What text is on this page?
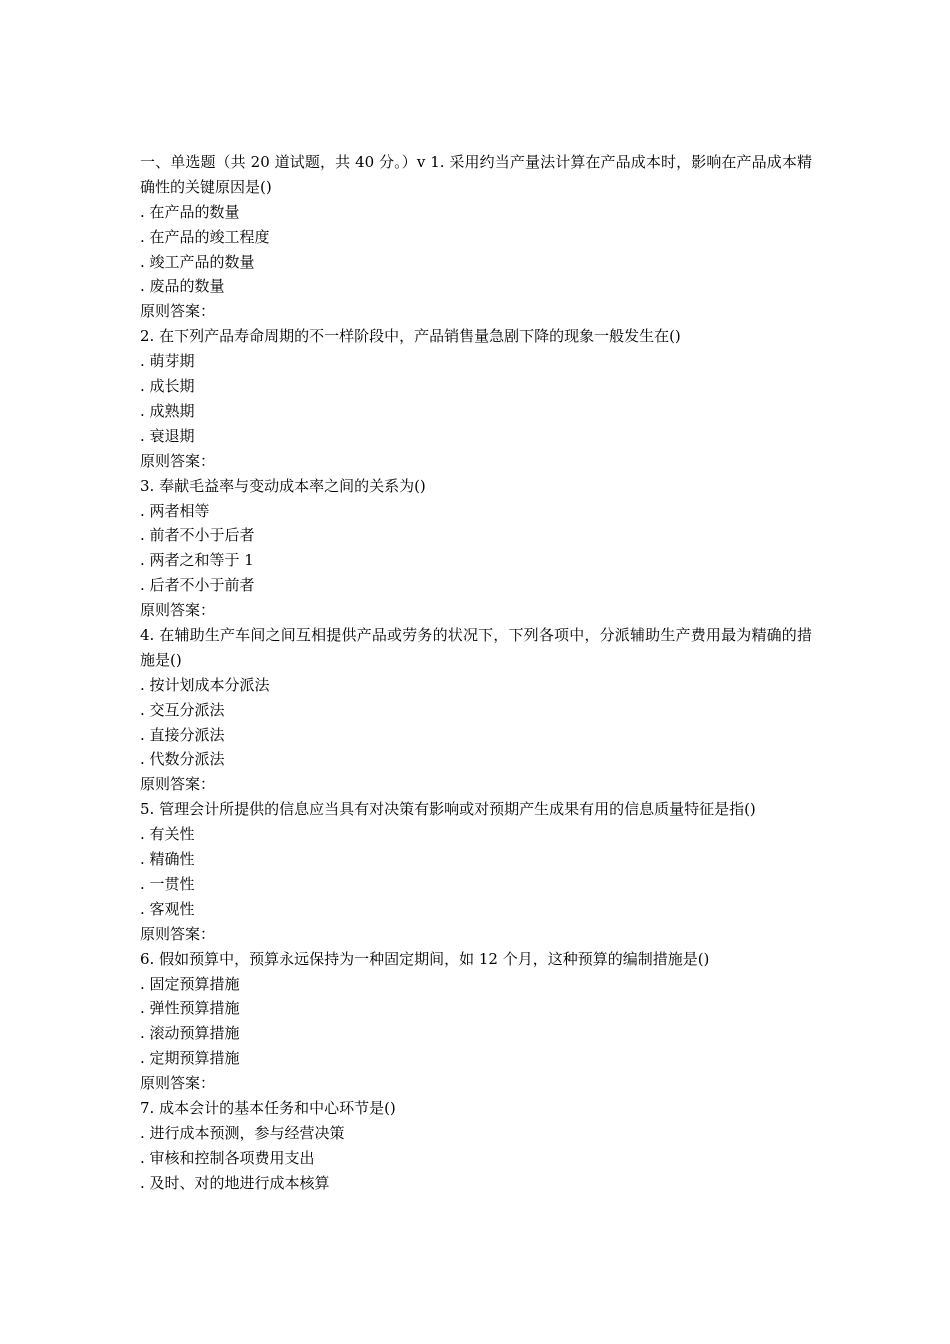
一、单选题（共 20 道试题，共 40 分。）v 1. 采用约当产量法计算在产品成本时，影响在产品成本精确性的关键原因是()
. 在产品的数量
. 在产品的竣工程度
. 竣工产品的数量
. 废品的数量
原则答案：
2. 在下列产品寿命周期的不一样阶段中，产品销售量急剧下降的现象一般发生在()
. 萌芽期
. 成长期
. 成熟期
. 衰退期
原则答案：
3. 奉献毛益率与变动成本率之间的关系为()
. 两者相等
. 前者不小于后者
. 两者之和等于 1
. 后者不小于前者
原则答案：
4. 在辅助生产车间之间互相提供产品或劳务的状况下，下列各项中，分派辅助生产费用最为精确的措施是()
. 按计划成本分派法
. 交互分派法
. 直接分派法
. 代数分派法
原则答案：
5. 管理会计所提供的信息应当具有对决策有影响或对预期产生成果有用的信息质量特征是指()
. 有关性
. 精确性
. 一贯性
. 客观性
原则答案：
6. 假如预算中，预算永远保持为一种固定期间，如 12 个月，这种预算的编制措施是()
. 固定预算措施
. 弹性预算措施
. 滚动预算措施
. 定期预算措施
原则答案：
7. 成本会计的基本任务和中心环节是()
. 进行成本预测，参与经营决策
. 审核和控制各项费用支出
. 及时、对的地进行成本核算
